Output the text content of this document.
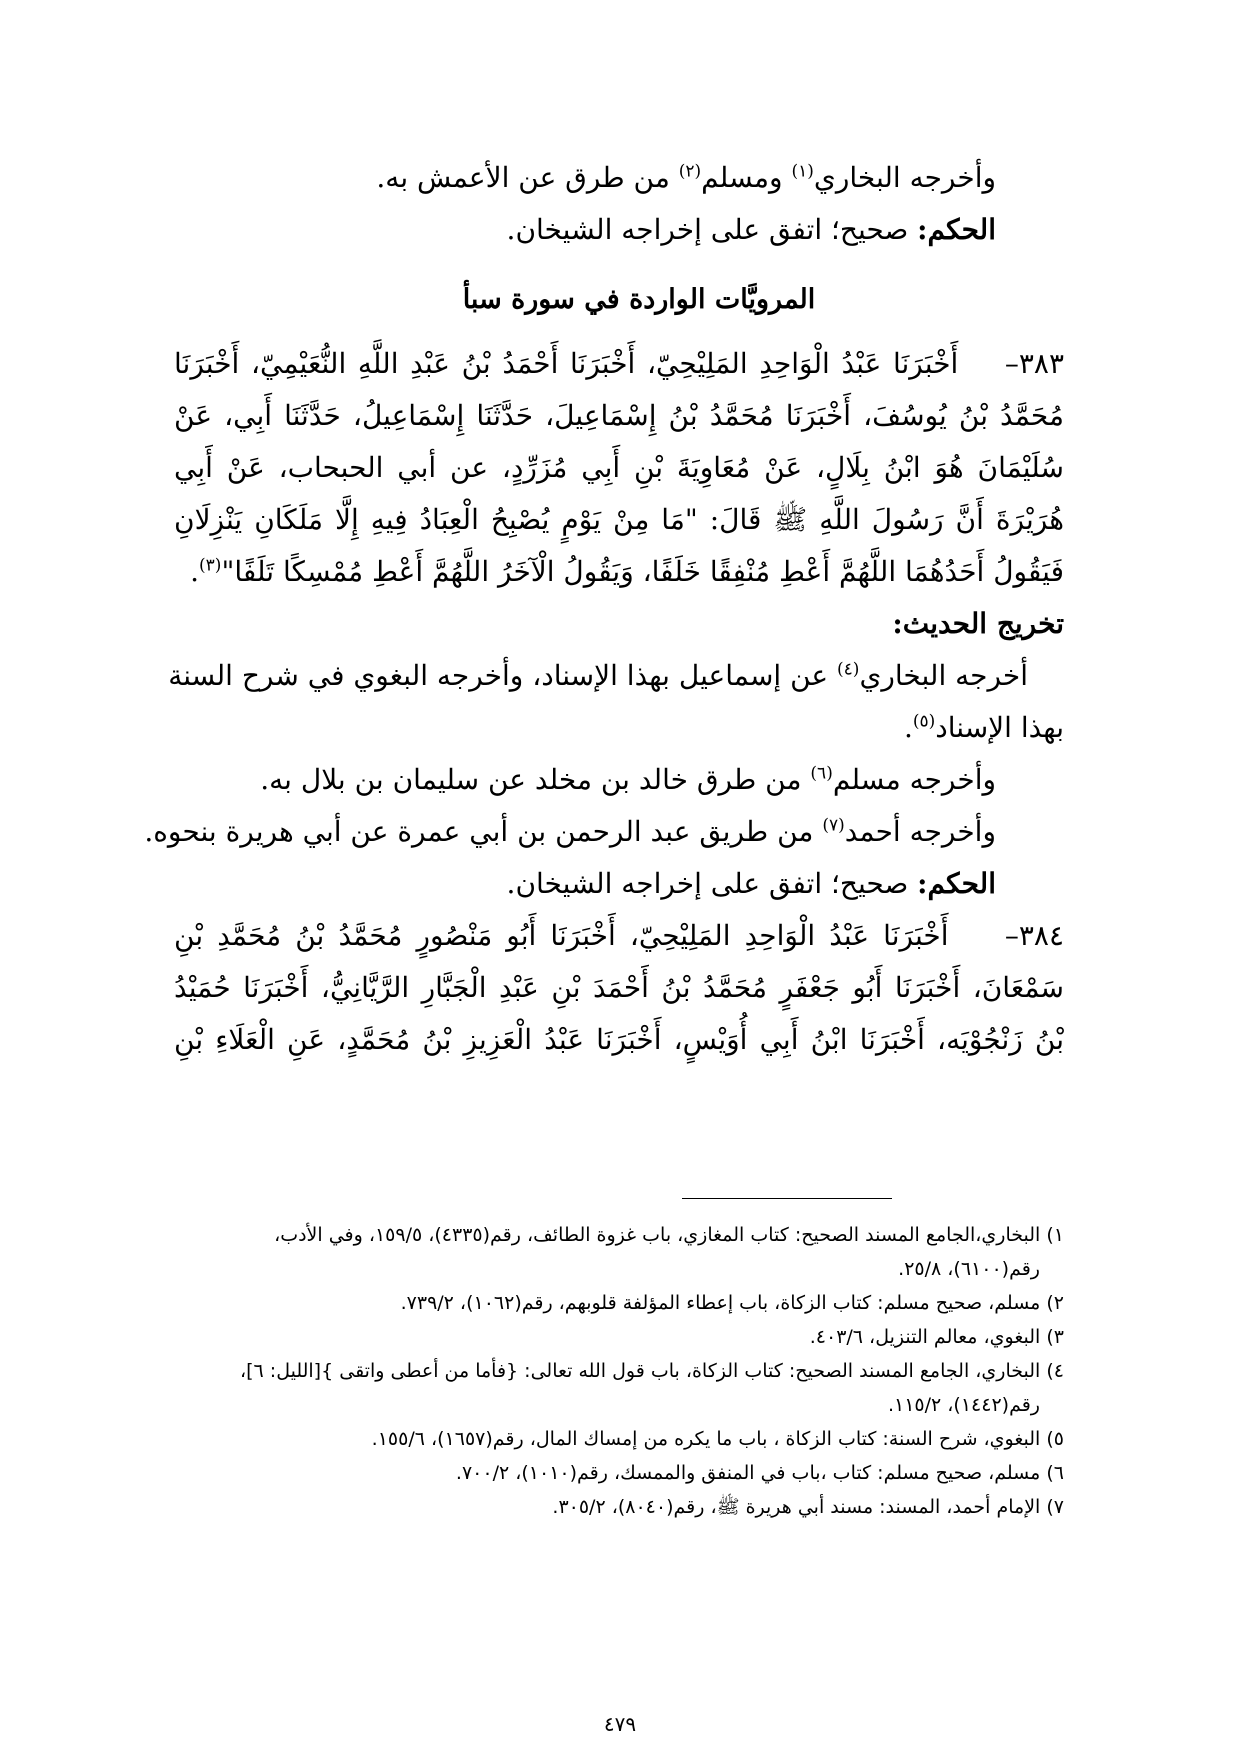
وأخرجه البخاري$^{(١)}$ ومسلم$^{(٢)}$ من طرق عن الأعمش به.
الحكم: صحيح؛ اتفق على إخراجه الشيخان.
المرويَّات الواردة في سورة سبأ
٣٨٣–    أَخْبَرَنَا عَبْدُ الْوَاحِدِ المَلِيْحِيّ، أَخْبَرَنَا أَحْمَدُ بْنُ عَبْدِ اللَّهِ النُّعَيْمِيّ، أَخْبَرَنَا
مُحَمَّدُ بْنُ يُوسُفَ، أَخْبَرَنَا مُحَمَّدُ بْنُ إِسْمَاعِيلَ، حَدَّثَنَا إِسْمَاعِيلُ، حَدَّثَنَا أَبِي، عَنْ
سُلَيْمَانَ هُوَ ابْنُ بِلَالٍ، عَنْ مُعَاوِيَةَ بْنِ أَبِي مُزَرِّدٍ، عن أبي الحبحاب، عَنْ أَبِي
هُرَيْرَةَ أَنَّ رَسُولَ اللَّهِ ﷺ قَالَ: "مَا مِنْ يَوْمٍ يُصْبِحُ الْعِبَادُ فِيهِ إِلَّا مَلَكَانِ يَنْزِلَانِ
فَيَقُولُ أَحَدُهُمَا اللَّهُمَّ أَعْطِ مُنْفِقًا خَلَفًا، وَيَقُولُ الْآخَرُ اللَّهُمَّ أَعْطِ مُمْسِكًا تَلَفًا"$^{(٣)}$.
تخريج الحديث:
أخرجه البخاري$^{(٤)}$ عن إسماعيل بهذا الإسناد، وأخرجه البغوي في شرح السنة
بهذا الإسناد$^{(٥)}$.
وأخرجه مسلم$^{(٦)}$ من طرق خالد بن مخلد عن سليمان بن بلال به.
وأخرجه أحمد$^{(٧)}$ من طريق عبد الرحمن بن أبي عمرة عن أبي هريرة بنحوه.
الحكم: صحيح؛ اتفق على إخراجه الشيخان.
٣٨٤–    أَخْبَرَنَا عَبْدُ الْوَاحِدِ المَلِيْحِيّ، أَخْبَرَنَا أَبُو مَنْصُورٍ مُحَمَّدُ بْنُ مُحَمَّدِ بْنِ
سَمْعَانَ، أَخْبَرَنَا أَبُو جَعْفَرٍ مُحَمَّدُ بْنُ أَحْمَدَ بْنِ عَبْدِ الْجَبَّارِ الرَّيَّانِيُّ، أَخْبَرَنَا حُمَيْدُ
بْنُ زَنْجُوْيَه، أَخْبَرَنَا ابْنُ أَبِي أُوَيْسٍ، أَخْبَرَنَا عَبْدُ الْعَزِيزِ بْنُ مُحَمَّدٍ، عَنِ الْعَلَاءِ بْنِ
١) البخاري،الجامع المسند الصحيح: كتاب المغازي، باب غزوة الطائف، رقم(٤٣٣٥)، ١٥٩/٥، وفي الأدب،
رقم(٦١٠٠)، ٢٥/٨.
٢) مسلم، صحيح مسلم: كتاب الزكاة، باب إعطاء المؤلفة قلوبهم، رقم(١٠٦٢)، ٧٣٩/٢.
٣) البغوي، معالم التنزيل، ٤٠٣/٦.
٤) البخاري، الجامع المسند الصحيح: كتاب الزكاة، باب قول الله تعالى: {فأما من أعطى واتقى }[الليل: ٦]،
رقم(١٤٤٢)، ١١٥/٢.
٥) البغوي، شرح السنة: كتاب الزكاة ، باب ما يكره من إمساك المال، رقم(١٦٥٧)، ١٥٥/٦.
٦) مسلم، صحيح مسلم: كتاب ،باب في المنفق والممسك، رقم(١٠١٠)، ٧٠٠/٢.
٧) الإمام أحمد، المسند: مسند أبي هريرة ﷺ، رقم(٨٠٤٠)، ٣٠٥/٢.
٤٧٩
